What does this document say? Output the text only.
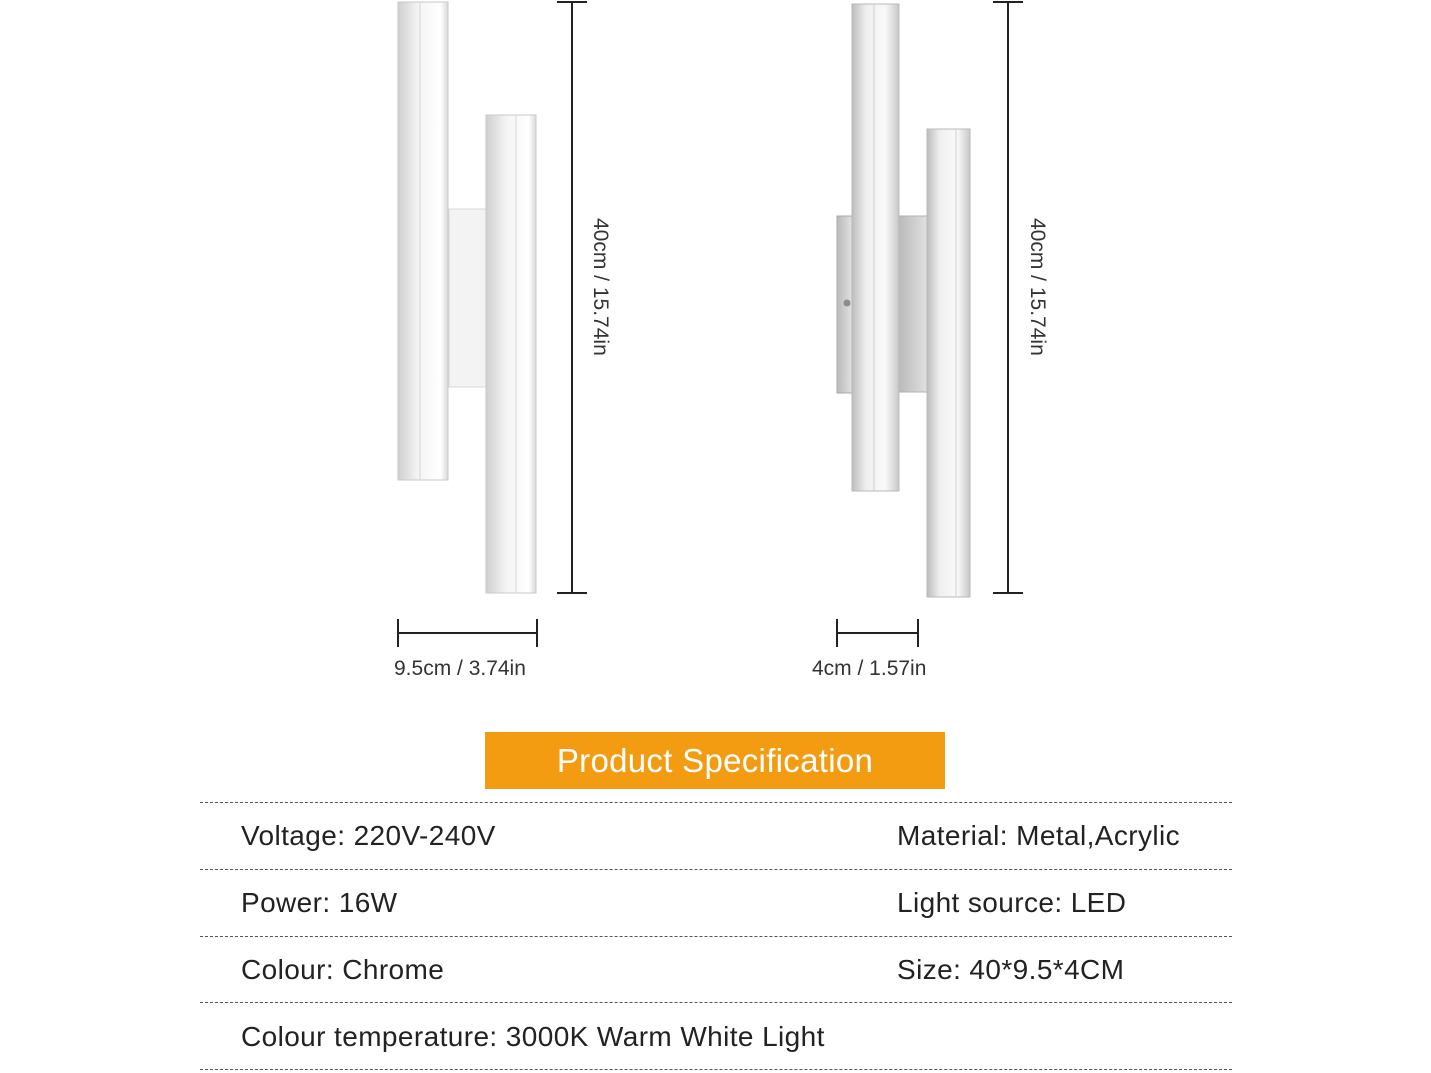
40cm / 15.74in
9.5cm / 3.74in
40cm / 15.74in
4cm / 1.57in
Product Specification
Voltage: 220V-240V	Material: Metal,Acrylic
Power: 16W	Light source: LED
Colour: Chrome	Size: 40*9.5*4CM
Colour temperature: 3000K Warm White Light
